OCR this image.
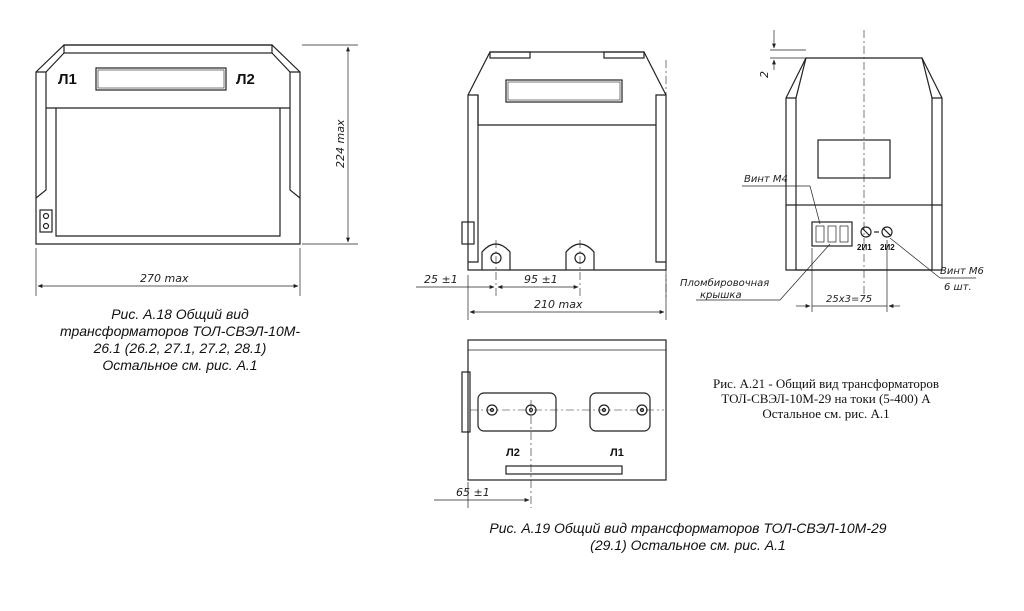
Л1	Л2
270 max
224 max
25 ±1	95 ±1
210 max
65 ±1
Л2	Л1
2
Винт М4
Пломбировочная
крышка
Винт М6
6 шт.
25х3=75
2И1 2И2
Рис. А.18 Общий вид
трансформаторов ТОЛ-СВЭЛ-10М-
26.1 (26.2, 27.1, 27.2, 28.1)
Остальное см. рис. А.1
Рис. А.19 Общий вид трансформаторов ТОЛ-СВЭЛ-10М-29
(29.1) Остальное см. рис. А.1
Рис. А.21 - Общий вид трансформаторов
ТОЛ-СВЭЛ-10М-29 на токи (5-400) А
Остальное см. рис. А.1
